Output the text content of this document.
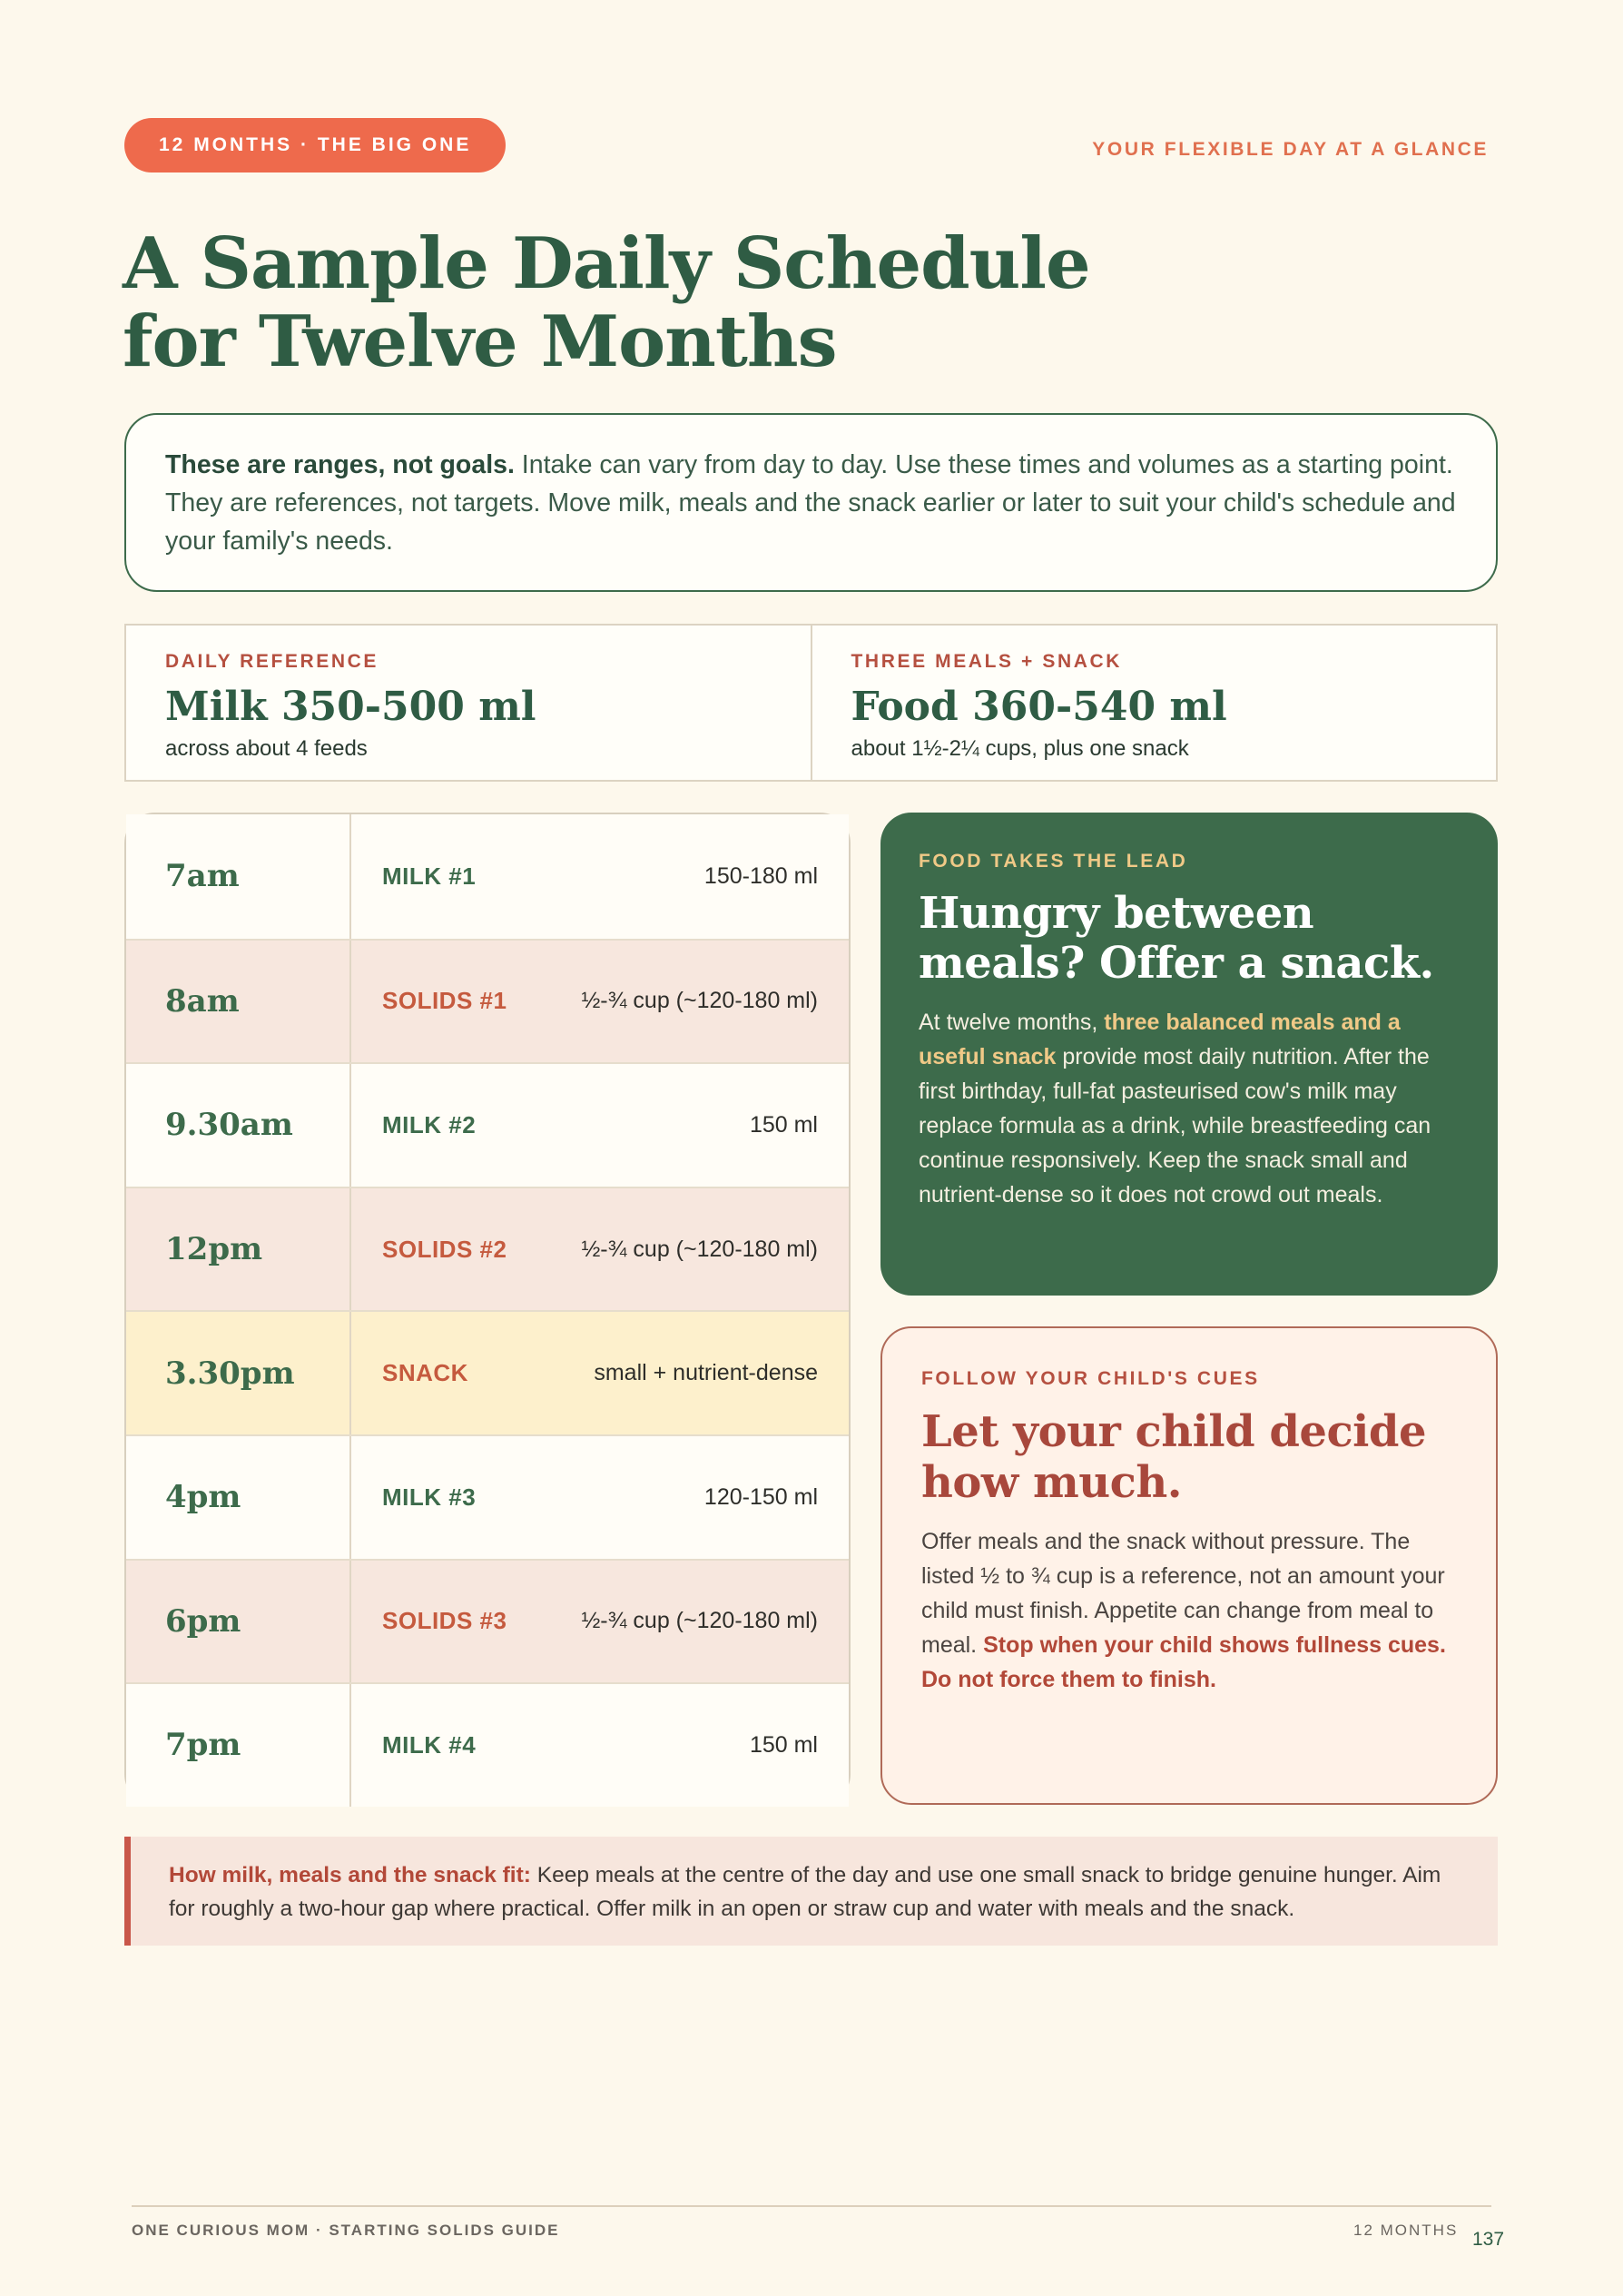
12 MONTHS · THE BIG ONE	YOUR FLEXIBLE DAY AT A GLANCE
A Sample Daily Schedule
for Twelve Months
These are ranges, not goals. Intake can vary from day to day. Use these times and volumes as a starting point. They are references, not targets. Move milk, meals and the snack earlier or later to suit your child's schedule and your family's needs.
DAILY REFERENCE
Milk 350-500 ml
across about 4 feeds
THREE MEALS + SNACK
Food 360-540 ml
about 1½-2¼ cups, plus one snack
7am	MILK #1	150-180 ml
8am	SOLIDS #1	½-¾ cup (~120-180 ml)
9.30am	MILK #2	150 ml
12pm	SOLIDS #2	½-¾ cup (~120-180 ml)
3.30pm	SNACK	small + nutrient-dense
4pm	MILK #3	120-150 ml
6pm	SOLIDS #3	½-¾ cup (~120-180 ml)
7pm	MILK #4	150 ml
FOOD TAKES THE LEAD
Hungry between
meals? Offer a snack.

At twelve months, three balanced meals and a useful snack provide most daily nutrition. After the first birthday, full-fat pasteurised cow's milk may replace formula as a drink, while breastfeeding can continue responsively. Keep the snack small and nutrient-dense so it does not crowd out meals.

FOLLOW YOUR CHILD'S CUES
Let your child decide
how much.

Offer meals and the snack without pressure. The listed ½ to ¾ cup is a reference, not an amount your child must finish. Appetite can change from meal to meal. Stop when your child shows fullness cues. Do not force them to finish.

How milk, meals and the snack fit: Keep meals at the centre of the day and use one small snack to bridge genuine hunger. Aim for roughly a two-hour gap where practical. Offer milk in an open or straw cup and water with meals and the snack.
ONE CURIOUS MOM · STARTING SOLIDS GUIDE	12 MONTHS 137
